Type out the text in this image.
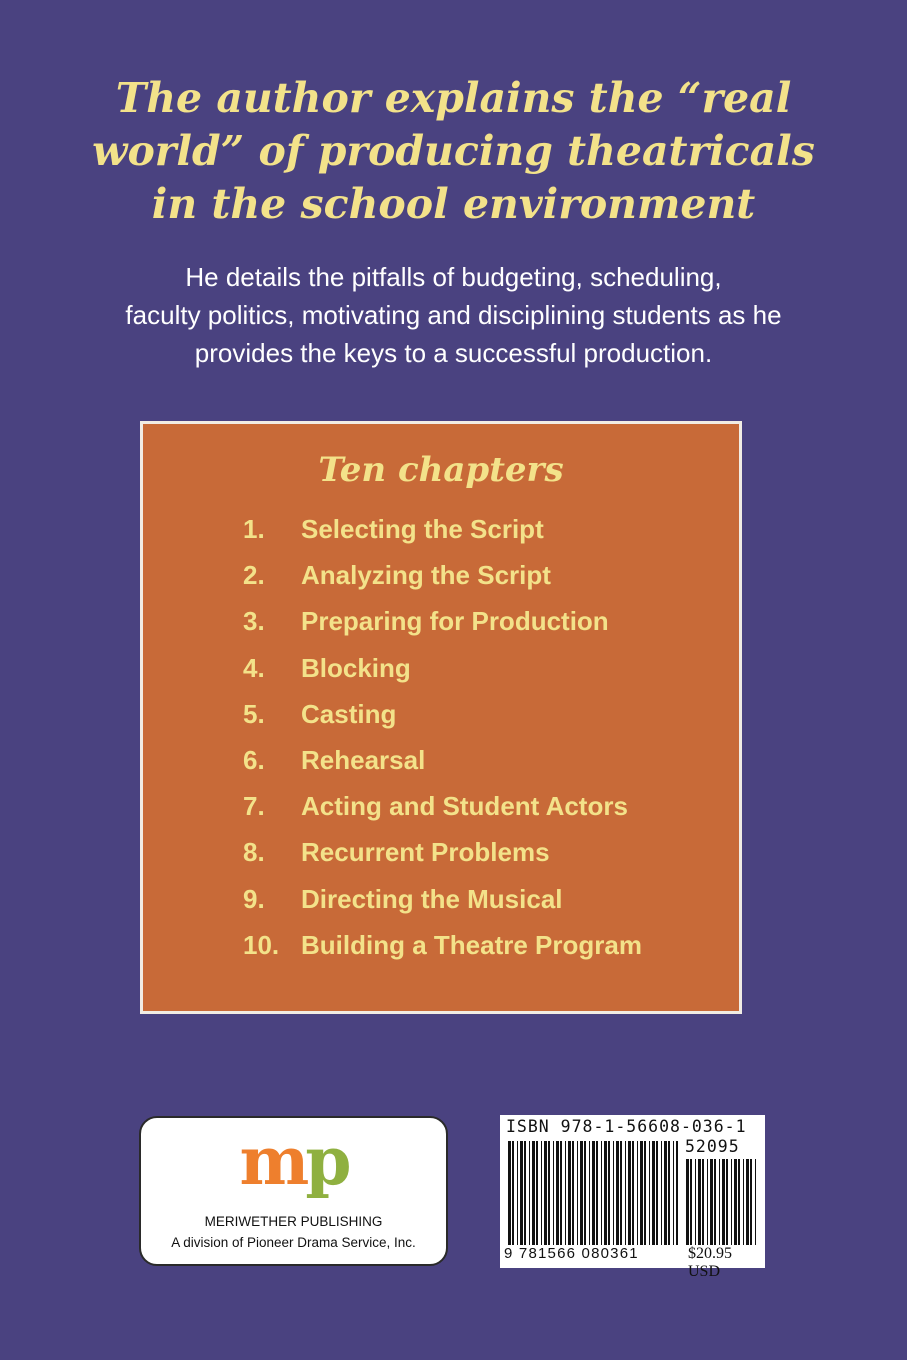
The author explains the “real
world” of producing theatricals
in the school environment
He details the pitfalls of budgeting, scheduling,
faculty politics, motivating and disciplining students as he
provides the keys to a successful production.
Ten chapters
1. Selecting the Script
2. Analyzing the Script
3. Preparing for Production
4. Blocking
5. Casting
6. Rehearsal
7. Acting and Student Actors
8. Recurrent Problems
9. Directing the Musical
10. Building a Theatre Program
mp
MERIWETHER PUBLISHING
A division of Pioneer Drama Service, Inc.
ISBN 978-1-56608-036-1
52095
9 781566 080361	$20.95 USD
